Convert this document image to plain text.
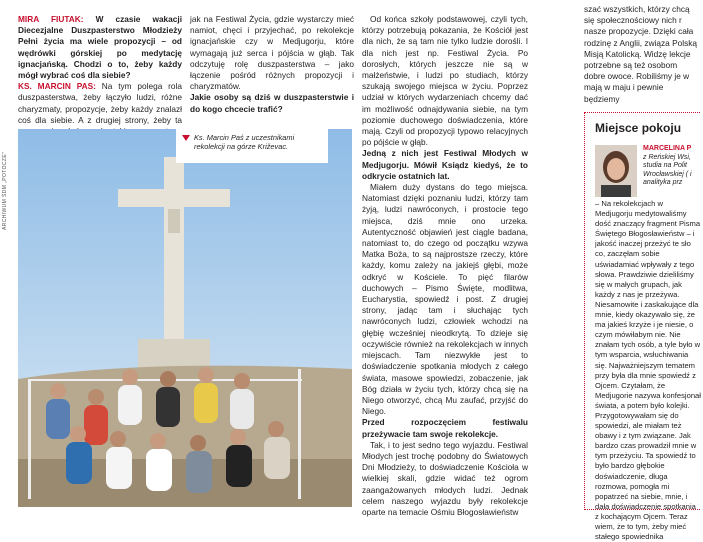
ARCHIWUM ŚDM „POTOCZE"

MIRA FIUTAK: W czasie wakacji Diecezjalne Duszpasterstwo Młodzieży Pełni życia ma wiele propozycji – od wędrówki górskiej po medytację ignacjańską. Chodzi o to, żeby każdy mógł wybrać coś dla siebie?

KS. MARCIN PAS: Na tym polega rola duszpasterstwa, żeby łączyło ludzi, różne charyzmaty, propozycje, żeby każdy znalazł coś dla siebie. A z drugiej strony, żeby ta

jak na Festiwal Życia, gdzie wystarczy mieć namiot, chęci i przyjechać, po rekolekcje ignacjańskie czy w Medjugorju, które wymagają już serca i pójścia w głąb. Tak odczytuję rolę duszpasterstwa – jako łączenie pośród różnych propozycji i charyzmatów.

Jakie osoby są dziś w duszpasterstwie i do kogo chcecie trafić?

Ks. Marcin Paś z uczestnikami rekolekcji na górze Križevac.

Od końca szkoły podstawowej, czyli tych, którzy potrzebują pokazania, że Kościół jest dla nich, że są tam nie tylko ludzie dorośli. I dla nich jest np. Festiwal Życia. Po dorosłych, których jeszcze nie są w małżeństwie, i ludzi po studiach, którzy szukają swojego miejsca w życiu. Poprzez udział w których wydarzeniach chcemy dać im możliwość odnajdywania siebie, na tym poziomie duchowego doświadczenia, które mają. Czyli od propozycji typowo relacyjnych po pójście w głąb.

Jedną z nich jest Festiwal Młodych w Medjugorju. Mówił Ksiądz kiedyś, że to odkrycie ostatnich lat.

Miałem duży dystans do tego miejsca. Natomiast dzięki poznaniu ludzi, którzy tam żyją, ludzi nawróconych, i prostocie tego miejsca, dziś mnie ono urzeka. Autentyczność objawień jest ciągle badana, natomiast to, do czego od początku wzywa Matka Boża, to są najprostsze rzeczy, które każdy, komu zależy na jakiejś głębi, może odkryć w Kościele. To pięć filarów duchowych – Pismo Święte, modlitwa, Eucharystia, spowiedź i post. Z drugiej strony, jadąc tam i słuchając tych nawróconych ludzi, człowiek wchodzi na głębię wcześniej nieodkrytą. To dzieje się oczywiście również na rekolekcjach w innych miejscach. Tam niezwykłe jest to doświadczenie spotkania młodych z całego świata, masowe spowiedzi, zobaczenie, jak Bóg działa w życiu tych, którzy chcą się na Niego otworzyć, chcą Mu zaufać, przyjść do Niego.

Przed rozpoczęciem festiwalu przeżywacie tam swoje rekolekcje.

Tak, i to jest sedno tego wyjazdu. Festiwal Młodych jest trochę podobny do Światowych Dni Młodzieży, to doświadczenie Kościoła w wielkiej skali, gdzie widać też ogrom zaangażowanych młodych ludzi. Jednak celem naszego wyjazdu były rekolekcje oparte na temacie Ośmiu Błogosławieństw

szać wszystkich, którzy chcą się społecznościowy nich r nasze propozycje. Dzięki cała rodzinę z Anglii, związa Polską Misją Katolicką. Widzę lekcje potrzebne są też osobom dobre owoce. Robiliśmy je w mają w maju i pewnie będziemy
Miejsce pokoju
MARCELINA P
z Reńskiej Wsi, studia na Polit Wrocławskiej ( i analityka prz
– Na rekolekcjach w Medjugorju medytowaliśmy dość znaczący fragment Pisma Świętego Błogosławieństw – i jakość inaczej przeżyć te sło co, zaczęłam sobie uświadamiać wpływały z tego słowa. Prawdziwie dzieliliśmy się w małych grupach, jak każdy z nas je przeżywa. Niesamowite i zaskakujące dla mnie, kiedy okazywało się, że ma jakieś krzyże i je niesie, o czym mówiłabym nie. Nie znałam tych osób, a tyle było w tym wsparcia, wsłuchiwania się. Najważniejszym tematem przy była dla mnie spowiedź z Ojcem. Czytałam, że Medjugorie nazywa konfesjonał świata, a potem było kolejki. Przygotowywałam się do spowiedzi, ale miałam też obawy i z tym związane. Jak bardzo czas prowadził mnie w tym przeżyciu. Ta spowiedź to było bardzo głębokie doświadczenie, długa rozmowa, pomogła mi popatrzeć na siebie, mnie, i dała doświadczenie spotkania z kochającym Ojcem. Teraz wiem, że to tym, żeby mieć stałego spowiednika
